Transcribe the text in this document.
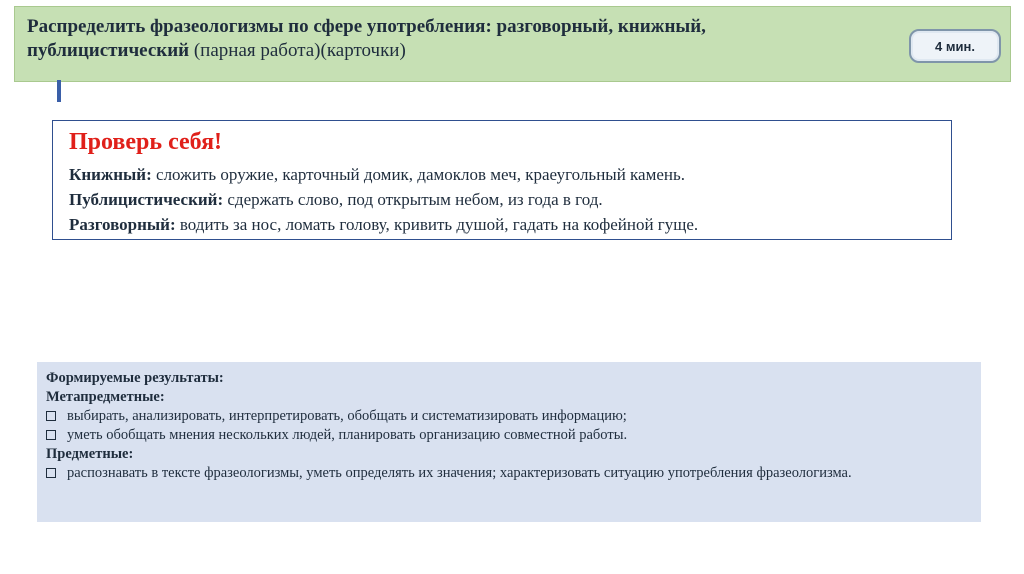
Распределить фразеологизмы по сфере употребления: разговорный, книжный,
публицистический (парная работа)(карточки)	4 мин.
Проверь себя!
Книжный: сложить оружие, карточный домик, дамоклов меч, краеугольный камень.
Публицистический: сдержать слово, под открытым небом, из года в год.
Разговорный: водить за нос, ломать голову, кривить душой, гадать на кофейной гуще.
Формируемые результаты:
Метапредметные:
выбирать, анализировать, интерпретировать, обобщать и систематизировать информацию;
уметь обобщать мнения нескольких людей, планировать организацию совместной работы.
Предметные:
распознавать в тексте фразеологизмы, уметь определять их значения; характеризовать ситуацию употребления фразеологизма.
